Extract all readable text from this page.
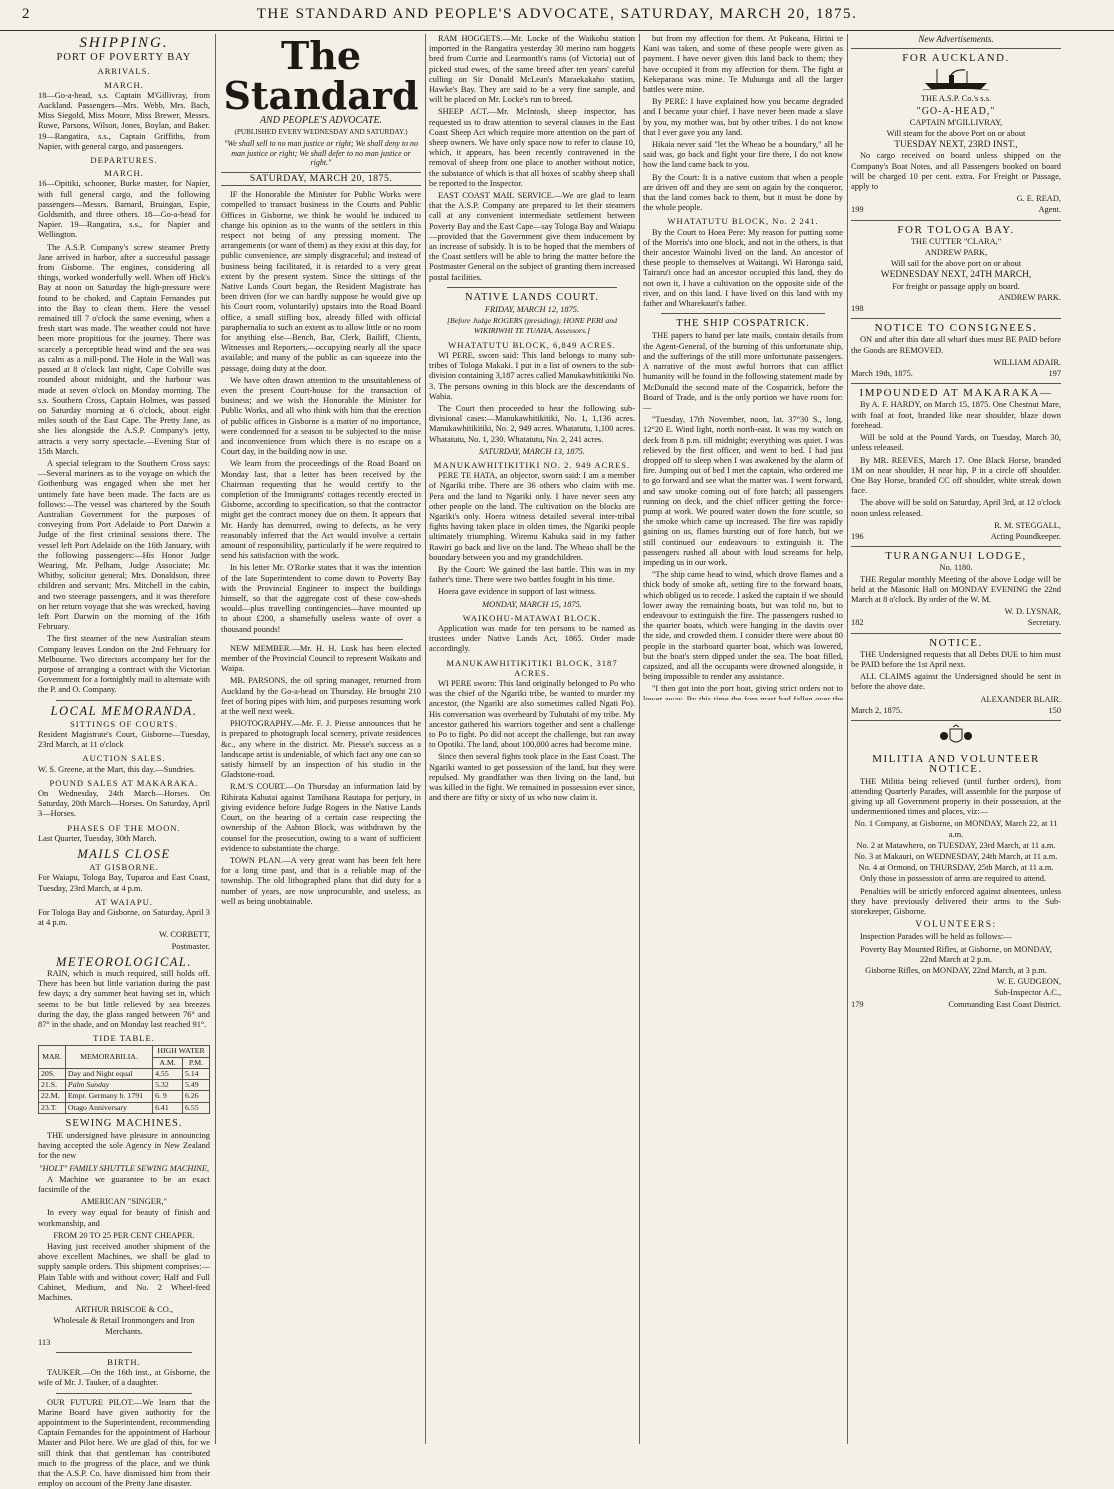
2	THE STANDARD AND PEOPLE'S ADVOCATE, SATURDAY, MARCH 20, 1875.
SHIPPING.
PORT OF POVERTY BAY
ARRIVALS.
MARCH.

18—Go-a-head, s.s. Captain M'Gillivray, from Auckland. Passengers—Mrs. Webb, Mrs. Bach, Miss Siegold, Miss Moore, Miss Brewer, Messrs. Ruwe, Parsons, Wilson, Jones, Boylan, and Baker. 19—Rangatira, s.s., Captain Griffiths, from Napier, with general cargo, and passengers.

DEPARTURES.
MARCH.

16—Opitiki, schooner, Burke master, for Napier, with full general cargo, and the following passengers—Messrs. Barnard, Bruingan, Espie, Goldsmith, and three others. 18—Go-a-head for Napier. 19—Rangatira, s.s., for Napier and Wellington.

The A.S.P. Company's screw steamer Pretty Jane arrived in harbor, after a successful passage from Gisborne. The engines, considering all things, worked wonderfully well. When off Hick's Bay at noon on Saturday the high-pressure were found to be choked, and Captain Fernandes put into the Bay to clean them. Here the vessel remained till 7 o'clock the same evening, when a fresh start was made. The weather could not have been more propitious for the journey. There was scarcely a perceptible head wind and the sea was as calm as a mill-pond. The Hole in the Wall was passed at 8 o'clock last night, Cape Colville was rounded about midnight, and the harbour was made at seven o'clock on Monday morning. The s.s. Southern Cross, Captain Holmes, was passed on Saturday morning at 6 o'clock, about eight miles south of the East Cape. The Pretty Jane, as she lies alongside the A.S.P. Company's jetty, attracts a very sorry spectacle.—Evening Star of 15th March.

A special telegram to the Southern Cross says:—Several mariners as to the voyage on which the Gothenburg was engaged when she met her untimely fate have been made. The facts are as follows:—The vessel was chartered by the South Australian Government for the purposes of conveying from Port Adelaide to Port Darwin a Judge of the first criminal sessions there. The vessel left Port Adelaide on the 16th January, with the following passengers:—His Honor Judge Wearing, Mr. Pelham, Judge Associate; Mr. Whitby, solicitor general; Mrs. Donaldson, three children and servant; Mrs. Mitchell in the cabin, and two steerage passengers, and it was therefore on her return voyage that she was wrecked, having left Port Darwin on the morning of the 16th February.

The first steamer of the new Australian steam Company leaves London on the 2nd February for Melbourne. Two directors accompany her for the purpose of arranging a contract with the Victorian Government for a fortnightly mail to alternate with the P. and O. Company.

LOCAL MEMORANDA.
SITTINGS OF COURTS.

Resident Magistrate's Court, Gisborne—Tuesday, 23rd March, at 11 o'clock

AUCTION SALES.

W. S. Greene, at the Mart, this day.—Sundries.

POUND SALES AT MAKARAKA.

On Wednesday, 24th March—Horses. On Saturday, 20th March—Horses. On Saturday, April 3—Horses.

PHASES OF THE MOON.

Last Quarter, Tuesday, 30th March.

MAILS CLOSE
AT GISBORNE.

For Waiapu, Tologa Bay, Tuparoa and East Coast, Tuesday, 23rd March, at 4 p.m.

AT WAIAPU.

For Tologa Bay and Gisborne, on Saturday, April 3 at 4 p.m.

W. CORBETT,
Postmaster.
METEOROLOGICAL.

RAIN, which is much required, still holds off. There has been but little variation during the past few days; a dry summer heat having set in, which seems to be but little relieved by sea breezes during the day, the glass ranged between 76° and 87° in the shade, and on Monday last reached 91°.

TIDE TABLE.
MAR.	MEMORABILIA.	HIGH WATER	
		A.M.	P.M.
20S.	Day and Night equal	4.55	5.14
21.S.	Palm Sunday	5.32	5.49
22.M.	Empr. Germany b. 1791	6. 9	6.26
23.T.	Otago Anniversary	6.41	6.55
SEWING MACHINES.

THE undersigned have pleasure in announcing having accepted the sole Agency in New Zealand for the new

"HOLT" FAMILY SHUTTLE SEWING MACHINE,

A Machine we guarantee to be an exact facsimile of the

AMERICAN "SINGER,"

In every way equal for beauty of finish and workmanship, and

FROM 20 TO 25 PER CENT CHEAPER.

Having just received another shipment of the above excellent Machines, we shall be glad to supply sample orders. This shipment comprises:—Plain Table with and without cover; Half and Full Cabinet, Medium, and No. 2 Wheel-feed Machines.

ARTHUR BRISCOE & CO.,
Wholesale & Retail Ironmongers and Iron Merchants.
113
BIRTH.

TAUKER.—On the 16th inst., at Gisborne, the wife of Mr. J. Tauker, of a daughter.

OUR FUTURE PILOT.—We learn that the Marine Board have given authority for the appointment to the Superintendent, recommending Captain Fernandes for the appointment of Harbour Master and Pilot here. We are glad of this, for we still think that that gentleman has contributed much to the progress of the place, and we think that the A.S.P. Co. have dismissed him from their employ on account of the Pretty Jane disaster.

The Standard
AND PEOPLE'S ADVOCATE.
(PUBLISHED EVERY WEDNESDAY AND SATURDAY.)
"We shall sell to no man justice or right; We shall deny to no man justice or right; We shall defer to no man justice or right."
SATURDAY, MARCH 20, 1875.

IF the Honorable the Minister for Public Works were compelled to transact business in the Courts and Public Offices in Gisborne, we think he would be induced to change his opinion as to the wants of the settlers in this respect not being of any pressing moment. The arrangements (or want of them) as they exist at this day, for public convenience, are simply disgraceful; and instead of business being facilitated, it is retarded to a very great extent by the present system. Since the sittings of the Native Lands Court began, the Resident Magistrate has been driven (for we can hardly suppose he would give up his Court room, voluntarily) upstairs into the Road Board office, a small stifling box, already filled with official paraphernalia to such an extent as to allow little or no room for anything else—Bench, Bar, Clerk, Bailiff, Clients, Witnesses and Reporters,—occupying nearly all the space available; and many of the public as can squeeze into the passage, doing duty at the door.

We have often drawn attention to the unsuitableness of even the present Court-house for the transaction of business; and we wish the Honorable the Minister for Public Works, and all who think with him that the erection of public offices in Gisborne is a matter of no importance, were condemned for a season to be subjected to the noise and inconvenience from which there is no escape on a Court day, in the building now in use.

We learn from the proceedings of the Road Board on Monday last, that a letter has been received by the Chairman requesting that he would certify to the completion of the Immigrants' cottages recently erected in Gisborne, according to specification, so that the contractor might get the contract money due on them. It appears that Mr. Hardy has demurred, owing to defects, as he very reasonably inferred that the Act would involve a certain amount of responsibility, particularly if he were required to send his satisfaction with the work.

In his letter Mr. O'Rorke states that it was the intention of the late Superintendent to come down to Poverty Bay with the Provincial Engineer to inspect the buildings himself, so that the aggregate cost of these cow-sheds would—plus travelling contingencies—have mounted up to about £200, a shamefully useless waste of over a thousand pounds!

NEW MEMBER.—Mr. H. H. Lusk has been elected member of the Provincial Council to represent Waikato and Waipa.

MR. PARSONS, the oil spring manager, returned from Auckland by the Go-a-head on Thursday. He brought 210 feet of boring pipes with him, and purposes resuming work at the well next week.

PHOTOGRAPHY.—Mr. F. J. Piesse announces that he is prepared to photograph local scenery, private residences &c., any where in the district. Mr. Piesse's success as a landscape artist is undeniable, of which fact any one can so satisfy himself by an inspection of his studio in the Gladstone-road.

R.M.'S COURT.—On Thursday an information laid by Rihirata Kahutai against Tamihana Rautapa for perjury, in giving evidence before Judge Rogers in the Native Lands Court, on the hearing of a certain case respecting the ownership of the Ashton Block, was withdrawn by the counsel for the prosecution, owing to a want of sufficient evidence to substantiate the charge.

TOWN PLAN.—A very great want has been felt here for a long time past, and that is a reliable map of the township. The old lithographed plans that did duty for a number of years, are now unprocurable, and useless, as well as being unobtainable.

RAM HOGGETS.—Mr. Locke of the Waikohu station imported in the Rangatira yesterday 30 merino ram hoggets bred from Currie and Learmonth's rams (of Victoria) out of picked stud ewes, of the same breed after ten years' careful culling on Sir Donald McLean's Maraekakaho station, Hawke's Bay. They are said to be a very fine sample, and will be placed on Mr. Locke's run to breed.

SHEEP ACT.—Mr. McIntosh, sheep inspector, has requested us to draw attention to several clauses in the East Coast Sheep Act which require more attention on the part of sheep owners. We have only space now to refer to clause 10, which, it appears, has been recently contravened in the removal of sheep from one place to another without notice, the substance of which is that all boxes of scabby sheep shall be reported to the Inspector.

EAST COAST MAIL SERVICE.—We are glad to learn that the A.S.P. Company are prepared to let their steamers call at any convenient intermediate settlement between Poverty Bay and the East Cape—say Tologa Bay and Waiapu—provided that the Government give them inducement by an increase of subsidy. It is to be hoped that the members of the Coast settlers will be able to bring the matter before the Postmaster General on the subject of granting them increased postal facilities.

NATIVE LANDS COURT.
FRIDAY, MARCH 12, 1875.
[Before Judge ROGERS (presiding); HONE PERI and WIKIRIWHI TE TUAHA, Assessors.]
WHATATUTU BLOCK, 6,849 ACRES.

WI PERE, sworn said: This land belongs to many sub-tribes of Tologa Makaki. I put in a list of owners to the sub-division containing 3,187 acres called Manukawhitikitiki No. 3. The persons owning in this block are the descendants of Wahia.

The Court then proceeded to hear the following sub-divisional cases:—Manukawhitikitiki, No. 1, 1,136 acres. Manukawhitikitiki, No. 2, 949 acres. Whatatutu, 1,100 acres. Whatatutu, No. 1, 230. Whatatutu, No. 2, 241 acres.

SATURDAY, MARCH 13, 1875.
MANUKAWHITIKITIKI NO. 2. 949 ACRES.

PERE TE HATA, an objector, sworn said: I am a member of Ngariki tribe. There are 36 others who claim with me. Pera and the land to Ngariki only. I have never seen any other people on the land. The cultivation on the blocks are Ngariki's only. Hoera witness detailed several inter-tribal fights having taken place in olden times, the Ngariki people ultimately triumphing. Wiremu Kahuka said in my father Rawiri go back and live on the land. The Wheao shall be the boundary between you and my grandchildren.

By the Court: We gained the last battle. This was in my father's time. There were two battles fought in his time.

Hoera gave evidence in support of last witness.

MONDAY, MARCH 15, 1875.
WAIKOHU-MATAWAI BLOCK.

Application was made for ten persons to be named as trustees under Native Lands Act, 1865. Order made accordingly.

MANUKAWHITIKITIKI BLOCK, 3187 ACRES.

WI PERE sworn: This land originally belonged to Po who was the chief of the Ngariki tribe, he wanted to murder my ancestor, (the Ngariki are also sometimes called Ngati Po). His conversation was overheard by Tuhutahi of my tribe. My ancestor gathered his warriors together and sent a challenge to Po to fight. Po did not accept the challenge, but ran away to Opotiki. The land, about 100,000 acres had become mine.

Since then several fights took place in the East Coast. The Ngariki wanted to get possession of the land, but they were repulsed. My grandfather was then living on the land, but was killed in the fight. We remained in possession ever since, and there are fifty or sixty of us who now claim it.

but from my affection for them. At Pukeana, Hirini te Kani was taken, and some of these people were given as payment. I have never given this land back to them; they have occupied it from my affection for them. The fight at Kekeparaoa was mine. Te Muhunga and all the larger battles were mine.

By PERE: I have explained how you became degraded and I became your chief. I have never been made a slave by you, my mother was, but by other tribes. I do not know that I ever gave you any land.

Hikaia never said "let the Wheao be a boundary," all he said was, go back and fight your fire there, I do not know how the land came back to you.

By the Court: It is a native custom that when a people are driven off and they are sent on again by the conqueror, that the land comes back to them, but it must be done by the whole people.

WHATATUTU BLOCK, No. 2 241.

By the Court to Hoea Pere: My reason for putting some of the Morris's into one block, and not in the others, is that their ancestor Wainohi lived on the land. An ancestor of these people to themselves at Waitangi. Wi Haronga said, Tairaru'i once had an ancestor occupied this land, they do not own it, I have a cultivation on the opposite side of the river, and on this land. I have lived on this land with my father and Wharekauri's father.

THE SHIP COSPATRICK.

THE papers to hand per late mails, contain details from the Agent-General, of the burning of this unfortunate ship, and the sufferings of the still more unfortunate passengers. A narrative of the most awful horrors that can afflict humanity will be found in the following statement made by McDonald the second mate of the Cospatrick, before the Board of Trade, and is the only portion we have room for:—

"Tuesday, 17th November, noon, lat. 37°30 S., long. 12°20 E. Wind light, north north-east. It was my watch on deck from 8 p.m. till midnight; everything was quiet. I was relieved by the first officer, and went to bed. I had just dropped off to sleep when I was awakened by the alarm of fire. Jumping out of bed I met the captain, who ordered me to go forward and see what the matter was. I went forward, and saw smoke coming out of fore hatch; all passengers running on deck, and the chief officer getting the force-pump at work. We poured water down the fore scuttle, so the smoke which came up increased. The fire was rapidly gaining on us, flames bursting out of fore hatch, but we still continued our endeavours to extinguish it. The passengers rushed all about with loud screams for help, impeding us in our work.

"The ship came head to wind, which drove flames and a thick body of smoke aft, setting fire to the forward boats, which obliged us to recede. I asked the captain if we should lower away the remaining boats, but was told no, but to endeavour to extinguish the fire. The passengers rushed to the quarter boats, which were hanging in the davits over the side, and crowded them. I consider there were about 80 people in the starboard quarter boat, which was lowered, but the boat's stern dipped under the sea. The boat filled, capsized, and all the occupants were drowned alongside, it being impossible to render any assistance.

"I then got into the port boat, giving strict orders not to

New Advertisements.
FOR AUCKLAND.
THE A.S.P. Co.'s s.s.
"GO-A-HEAD,"
CAPTAIN M'GILLIVRAY,
Will steam for the above Port on or about
TUESDAY NEXT, 23RD INST.,

No cargo received on board unless shipped on the Company's Boat Notes, and all Passengers booked on board will be charged 10 per cent. extra. For Freight or Passage, apply to

G. E. READ,
199	Agent.
FOR TOLOGA BAY.
THE CUTTER "CLARA,"
ANDREW PARK,
Will sail for the above port on or about
WEDNESDAY NEXT, 24TH MARCH,
For freight or passage apply on board.
ANDREW PARK.
198
NOTICE TO CONSIGNEES.

ON and after this date all wharf dues must BE PAID before the Goods are REMOVED.

WILLIAM ADAIR.
March 19th, 1875.	197
IMPOUNDED AT MAKARAKA—

By A. F. HARDY, on March 15, 1875. One Chestnut Mare, with foal at foot, branded like near shoulder, blaze down forehead.

Will be sold at the Pound Yards, on Tuesday, March 30, unless released.

By MR. REEVES, March 17. One Black Horse, branded 1M on near shoulder, H near hip, P in a circle off shoulder. One Bay Horse, branded CC off shoulder, white streak down face.

The above will be sold on Saturday, April 3rd, at 12 o'clock noon unless released.

R. M. STEGGALL,
196	Acting Poundkeeper.
TURANGANUI LODGE,
No. 1180.

THE Regular monthly Meeting of the above Lodge will be held at the Masonic Hall on MONDAY EVENING the 22nd March at 8 o'clock. By order of the W. M.

W. D. LYSNAR,
182	Secretary.
NOTICE.

THE Undersigned requests that all Debts DUE to him must be PAID before the 1st April next.

ALL CLAIMS against the Undersigned should be sent in before the above date.

ALEXANDER BLAIR.
March 2, 1875.	150
MILITIA AND VOLUNTEER NOTICE.

THE Militia being relieved (until further orders), from attending Quarterly Parades, will assemble for the purpose of giving up all Government property in their possession, at the undermentioned times and places, viz:—

No. 1 Company, at Gisborne, on MONDAY, March 22, at 11 a.m.
No. 2 at Matawhero, on TUESDAY, 23rd March, at 11 a.m.
No. 3 at Makauri, on WEDNESDAY, 24th March, at 11 a.m.
No. 4 at Ormond, on THURSDAY, 25th March, at 11 a.m.

Only those in possession of arms are required to attend.

Penalties will be strictly enforced against absentees, unless they have previously delivered their arms to the Sub-storekeeper, Gisborne.

VOLUNTEERS:

Inspection Parades will be held as follows:—

Poverty Bay Mounted Rifles, at Gisborne, on MONDAY, 22nd March at 2 p.m.
Gisborne Rifles, on MONDAY, 22nd March, at 3 p.m.
W. E. GUDGEON,
Sub-Inspector A.C.,
179	Commanding East Coast District.
